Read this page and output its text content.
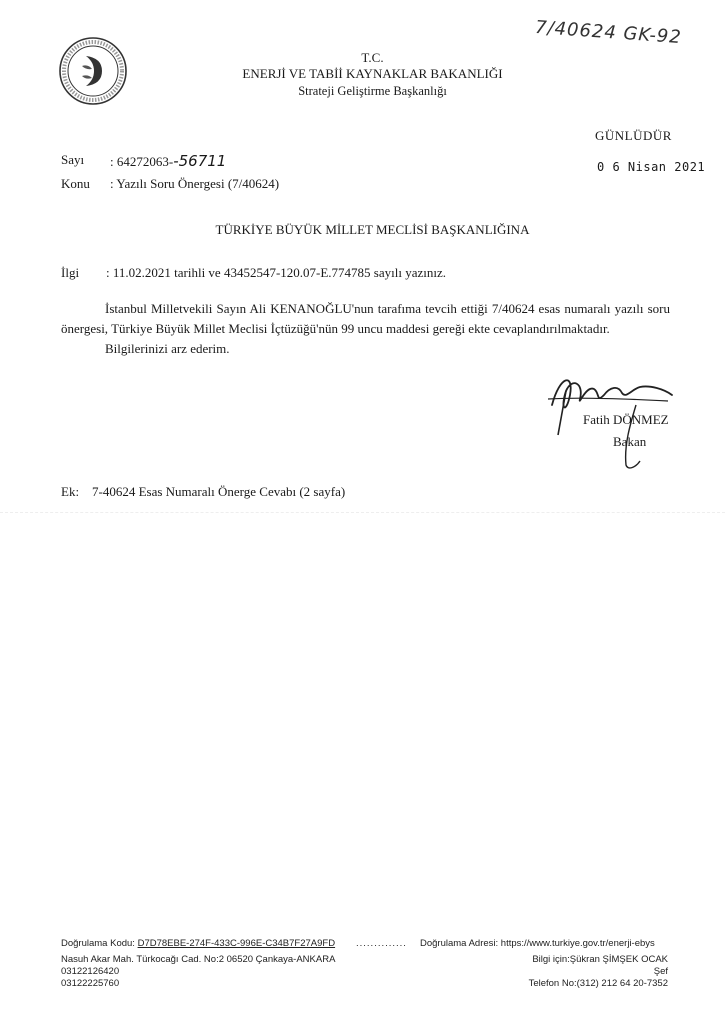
7/40624 GK-92
T.C.
ENERJİ VE TABİİ KAYNAKLAR BAKANLIĞI
Strateji Geliştirme Başkanlığı
GÜNLÜDÜR
0 6 Nisan 2021
Sayı : 64272063--56711
Konu : Yazılı Soru Önergesi (7/40624)
TÜRKİYE BÜYÜK MİLLET MECLİSİ BAŞKANLIĞINA
İlgi : 11.02.2021 tarihli ve 43452547-120.07-E.774785 sayılı yazınız.

İstanbul Milletvekili Sayın Ali KENANOĞLU'nun tarafıma tevcih ettiği 7/40624 esas numaralı yazılı soru önergesi, Türkiye Büyük Millet Meclisi İçtüzüğü'nün 99 uncu maddesi gereği ekte cevaplandırılmaktadır.

Bilgilerinizi arz ederim.

Fatih DÖNMEZ
Bakan
Ek: 7-40624 Esas Numaralı Önerge Cevabı (2 sayfa)
Doğrulama Kodu: D7D78EBE-274F-433C-996E-C34B7F27A9FD .............. Doğrulama Adresi: https://www.turkiye.gov.tr/enerji-ebys
Nasuh Akar Mah. Türkocağı Cad. No:2 06520 Çankaya-ANKARA
03122126420
03122225760
Bilgi için:Şükran ŞİMŞEK OCAK
Şef
Telefon No:(312) 212 64 20-7352
